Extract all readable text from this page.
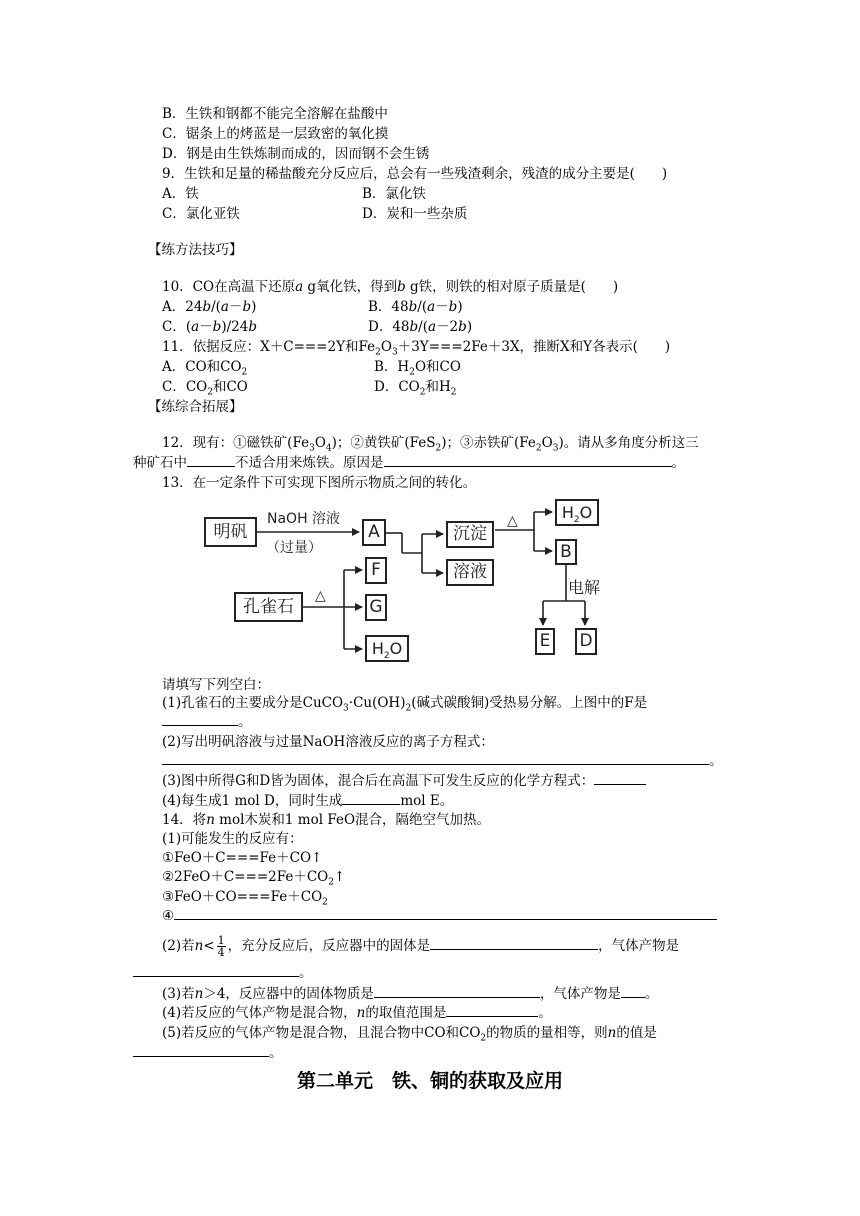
B．生铁和钢都不能完全溶解在盐酸中
C．锯条上的烤蓝是一层致密的氧化摸
D．钢是由生铁炼制而成的，因而钢不会生锈
9．生铁和足量的稀盐酸充分反应后，总会有一些残渣剩余，残渣的成分主要是(　　)
A．铁	B．氯化铁
C．氯化亚铁	D．炭和一些杂质
【练方法技巧】
10．CO在高温下还原a g氧化铁，得到b g铁，则铁的相对原子质量是(　　)
A．24b/(a－b)	B．48b/(a－b)
C．(a－b)/24b	D．48b/(a－2b)
11．依据反应：X＋C===2Y和$Fe_2O_3+3Y===2Fe+3X$，推断X和Y各表示(　　)
A．CO和$CO_2$	B．$H_2O$和CO
C．$CO_2$和CO	D．$CO_2$和$H_2$
【练综合拓展】
12．现有：①磁铁矿$(Fe_3O_4)$；②黄铁矿(FeS$_2$)；③赤铁矿$(Fe_2O_3)$。请从多角度分析这三
种矿石中	不适合用来炼铁。原因是	。
13．在一定条件下可实现下图所示物质之间的转化。
明矾
NaOH 溶液
（过量）
A	沉淀
溶液
△	$H_2O$
B
电解
E D
孔雀石
△
F
G
$H_2O$
请填写下列空白：
(1)孔雀石的主要成分是$CuCO_3\cdot Cu(OH)_2$(碱式碳酸铜)受热易分解。上图中的F是
。
(2)写出明矾溶液与过量NaOH溶液反应的离子方程式：
。
(3)图中所得G和D皆为固体，混合后在高温下可发生反应的化学方程式：
(4)每生成1 mol D，同时生成	mol E。
14．将n mol木炭和1 mol FeO混合，隔绝空气加热。
(1)可能发生的反应有：
①FeO＋C===Fe＋CO↑
$②2FeO+C===2Fe+CO_2↑$
$③FeO+CO===Fe+CO_2$
④
(2)若$n< \frac{1}{4}$ ，充分反应后，反应器中的固体是	，气体产物是
。
(3)若n＞4，反应器中的固体物质是	，气体产物是 。
(4)若反应的气体产物是混合物，n的取值范围是	。
(5)若反应的气体产物是混合物，且混合物中CO和$CO_2$的物质的量相等，则n的值是
。
第二单元　铁、铜的获取及应用
